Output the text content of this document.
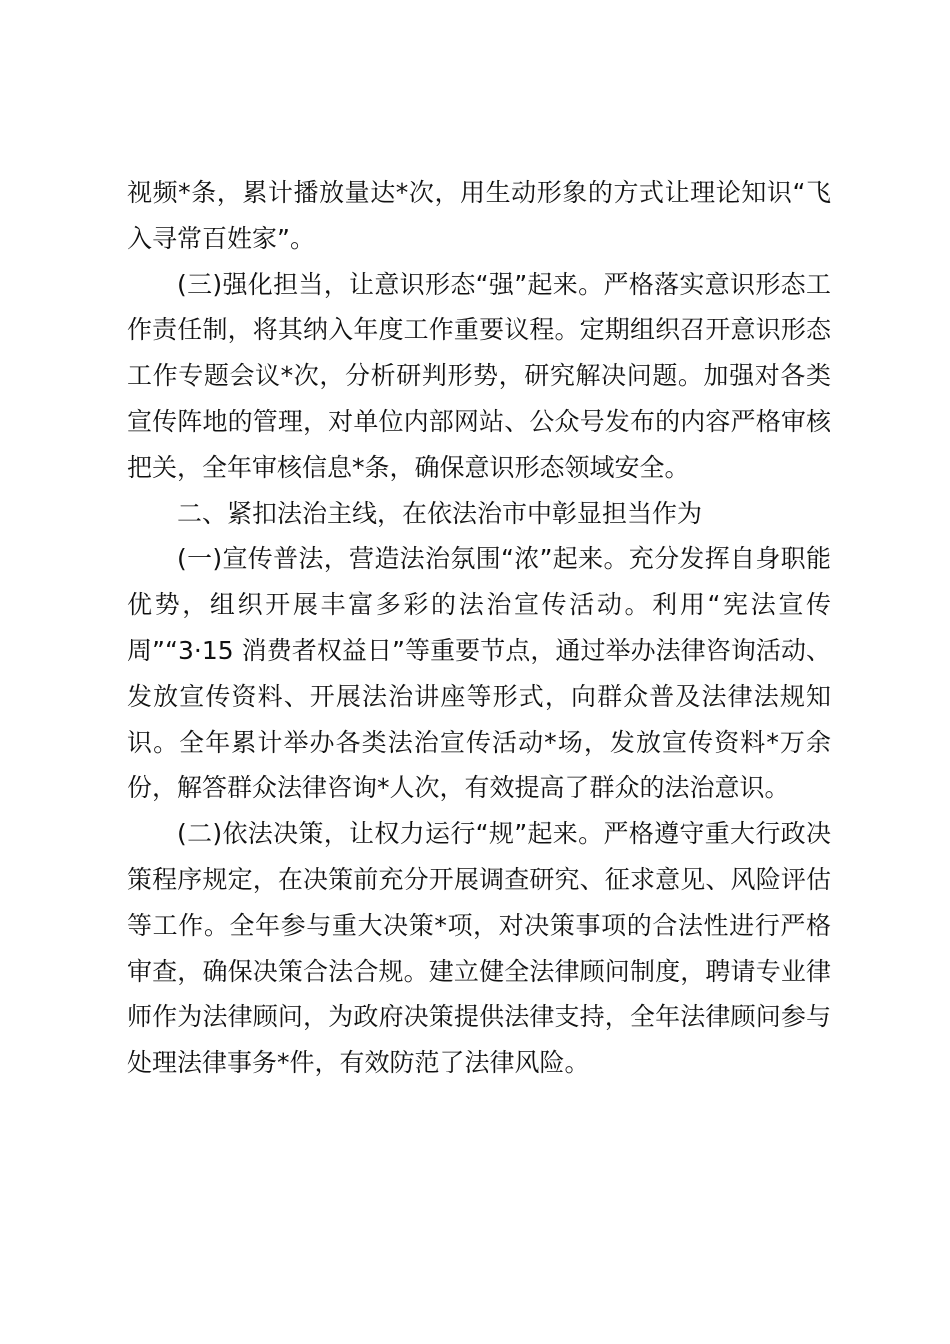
视频*条，累计播放量达*次，用生动形象的方式让理论知识“飞入寻常百姓家”。

(三)强化担当，让意识形态“强”起来。严格落实意识形态工作责任制，将其纳入年度工作重要议程。定期组织召开意识形态工作专题会议*次，分析研判形势，研究解决问题。加强对各类宣传阵地的管理，对单位内部网站、公众号发布的内容严格审核把关，全年审核信息*条，确保意识形态领域安全。

二、紧扣法治主线，在依法治市中彰显担当作为

(一)宣传普法，营造法治氛围“浓”起来。充分发挥自身职能优势，组织开展丰富多彩的法治宣传活动。利用“宪法宣传周”“3·15 消费者权益日”等重要节点，通过举办法律咨询活动、发放宣传资料、开展法治讲座等形式，向群众普及法律法规知识。全年累计举办各类法治宣传活动*场，发放宣传资料*万余份，解答群众法律咨询*人次，有效提高了群众的法治意识。

(二)依法决策，让权力运行“规”起来。严格遵守重大行政决策程序规定，在决策前充分开展调查研究、征求意见、风险评估等工作。全年参与重大决策*项，对决策事项的合法性进行严格审查，确保决策合法合规。建立健全法律顾问制度，聘请专业律师作为法律顾问，为政府决策提供法律支持，全年法律顾问参与处理法律事务*件，有效防范了法律风险。
